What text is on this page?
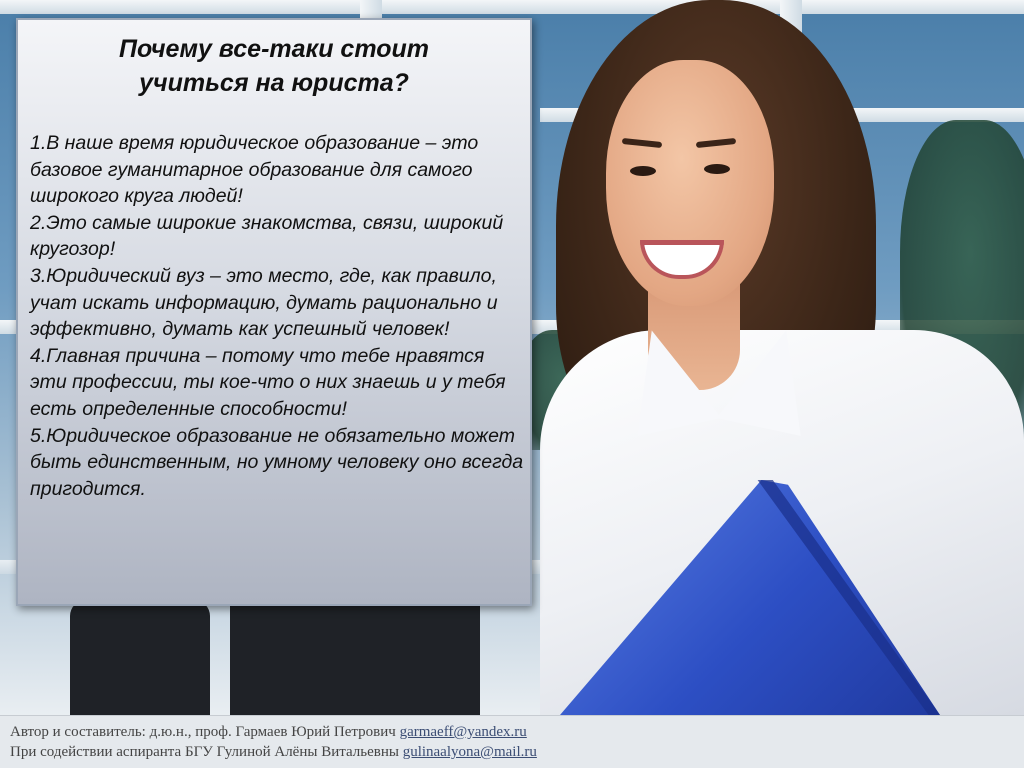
Почему все-таки стоит
учиться на юриста?

1.В наше время юридическое образование – это базовое гуманитарное образование для самого широкого круга людей!

2.Это самые широкие знакомства, связи, широкий кругозор!

3.Юридический вуз – это место, где, как правило, учат искать информацию, думать рационально и эффективно, думать как успешный человек!

4.Главная причина – потому что тебе нравятся эти профессии, ты кое-что о них знаешь и у тебя есть определенные способности!

5.Юридическое образование не обязательно может быть единственным, но умному человеку оно всегда пригодится.

Автор и составитель: д.ю.н., проф. Гармаев Юрий Петрович garmaeff@yandex.ru
При содействии аспиранта БГУ Гулиной Алёны Витальевны gulinaalyona@mail.ru
